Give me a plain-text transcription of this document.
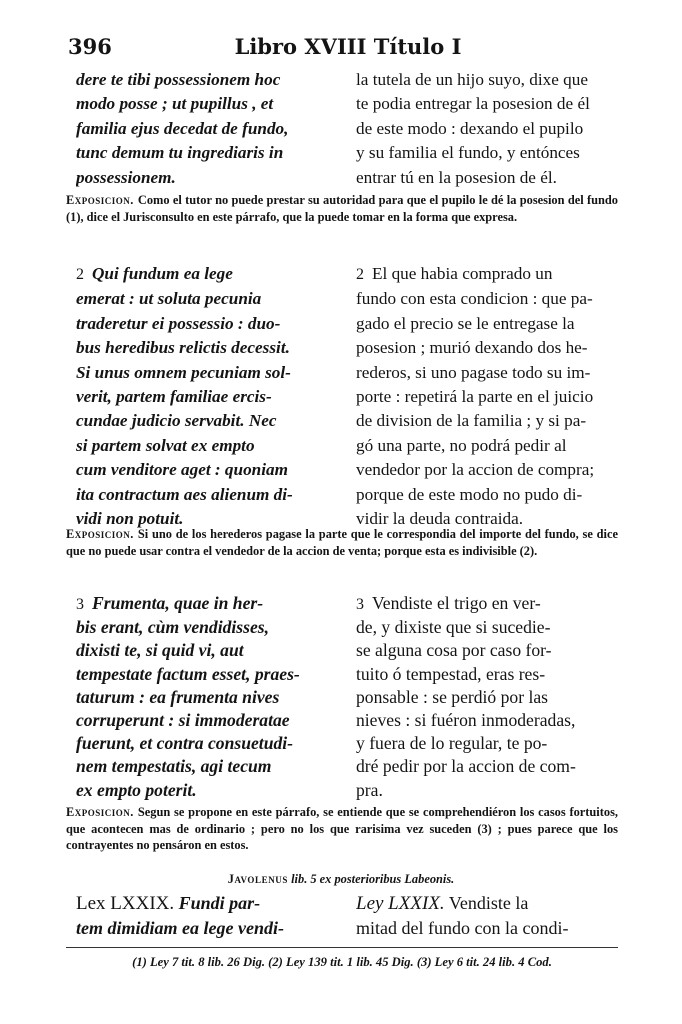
396	Libro XVIII Título I

dere te tibi possessionem hoc
modo posse ; ut pupillus , et
familia ejus decedat de fundo,
tunc demum tu ingrediaris in
possessionem.

la tutela de un hijo suyo, dixe que
te podia entregar la posesion de él
de este modo : dexando el pupilo
y su familia el fundo, y entónces
entrar tú en la posesion de él.

Exposicion. Como el tutor no puede prestar su autoridad para que el pupilo le dé la posesion del fundo (1), dice el Jurisconsulto en este párrafo, que la puede tomar en la forma que expresa.

2 Qui fundum ea lege
emerat : ut soluta pecunia
traderetur ei possessio : duo-
bus heredibus relictis decessit.
Si unus omnem pecuniam sol-
verit, partem familiae ercis-
cundae judicio servabit. Nec
si partem solvat ex empto
cum venditore aget : quoniam
ita contractum aes alienum di-
vidi non potuit.

2 El que habia comprado un
fundo con esta condicion : que pa-
gado el precio se le entregase la
posesion ; murió dexando dos he-
rederos, si uno pagase todo su im-
porte : repetirá la parte en el juicio
de division de la familia ; y si pa-
gó una parte, no podrá pedir al
vendedor por la accion de compra;
porque de este modo no pudo di-
vidir la deuda contraida.

Exposicion. Si uno de los herederos pagase la parte que le correspondia del importe del fundo, se dice que no puede usar contra el vendedor de la accion de venta; porque esta es indivisible (2).

3 Frumenta, quae in her-
bis erant, cùm vendidisses,
dixisti te, si quid vi, aut
tempestate factum esset, praes-
taturum : ea frumenta nives
corruperunt : si immoderatae
fuerunt, et contra consuetudi-
nem tempestatis, agi tecum
ex empto poterit.

3 Vendiste el trigo en ver-
de, y dixiste que si sucedie-
se alguna cosa por caso for-
tuito ó tempestad, eras res-
ponsable : se perdió por las
nieves : si fuéron inmoderadas,
y fuera de lo regular, te po-
dré pedir por la accion de com-
pra.

Exposicion. Segun se propone en este párrafo, se entiende que se comprehendiéron los casos fortuitos, que acontecen mas de ordinario ; pero no los que rarisima vez suceden (3) ; pues parece que los contrayentes no pensáron en estos.

Javolenus lib. 5 ex posterioribus Labeonis.

Lex LXXIX. Fundi par-
tem dimidiam ea lege vendi-

Ley LXXIX. Vendiste la
mitad del fundo con la condi-

(1) Ley 7 tit. 8 lib. 26 Dig. (2) Ley 139 tit. 1 lib. 45 Dig. (3) Ley 6 tit. 24 lib. 4 Cod.
